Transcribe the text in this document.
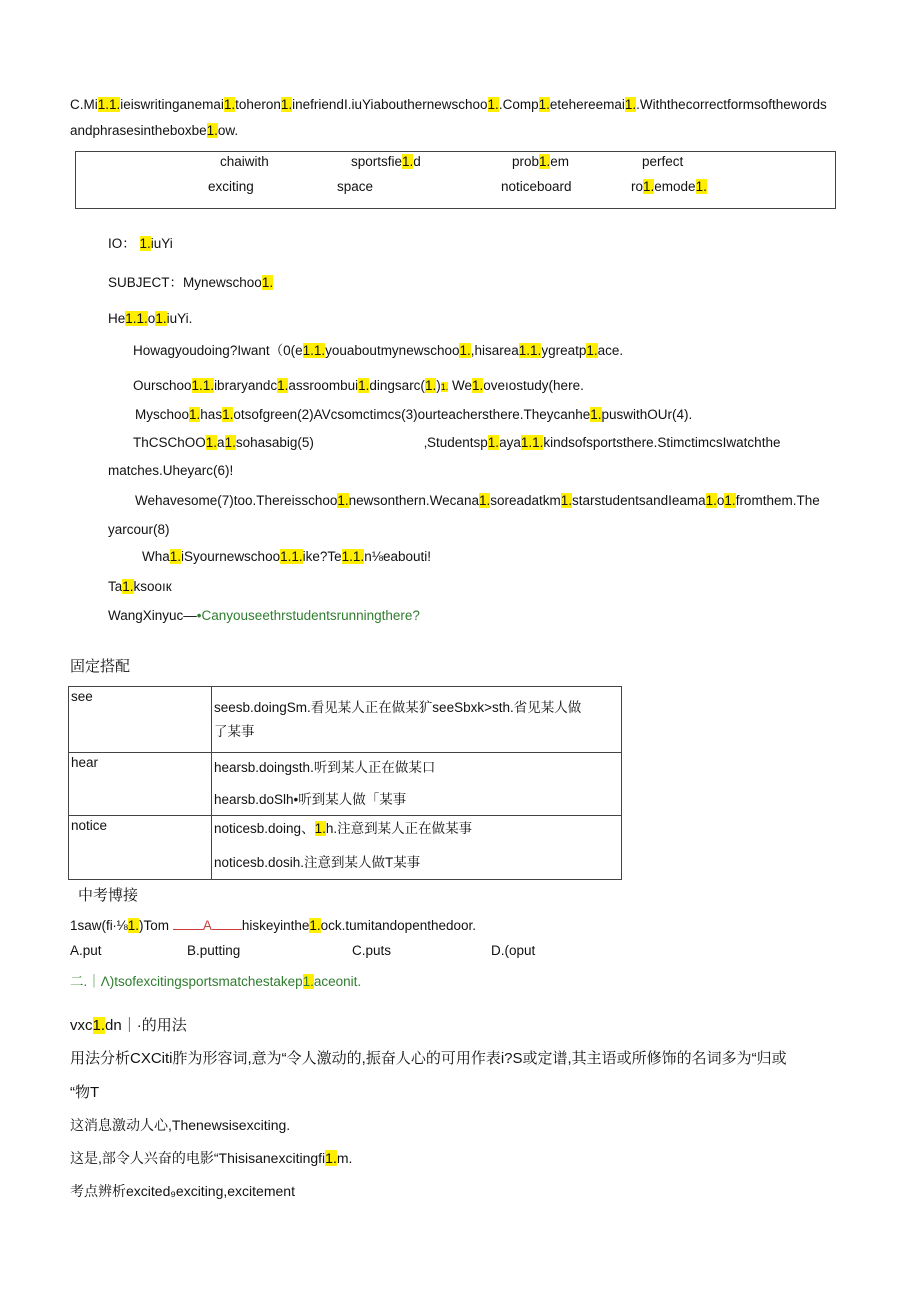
C.Mi1.1.ieiswritinganemai1.toheron1.inefriendI.iuYiabouthernewschoo1..Comp1.etehereemai1..Withthecorrectformsofthewords
andphrasesintheboxbe1.ow.
chaiwith	sportsfie1.d	prob1.em	perfect
exciting	space	noticeboard	ro1.emode1.
IO： 1.iuYi
SUBJECT：Mynewschoo1.
He1.1.o1.iuYi.
Howagyoudoing?Iwant（0(e1.1.youaboutmynewschoo1.,hisarea1.1.ygreatp1.ace.
Ourschoo1.1.ibraryandc1.assroombui1.dingsarc(1.)1. We1.oveıostudy(here.
Myschoo1.has1.otsofgreen(2)AVcsomctimcs(3)ourteachersthere.Theycanhe1.puswithOUr(4).
ThCSChOO1.a1.sohasabig(5)	‚Studentsp1.aya1.1.kindsofsportsthere.StimctimcsIwatchthe
matches.Uheyarc(6)!
Wehavesome(7)too.Thereisschoo1.newsonthern.Wecana1.soreadatkm1.starstudentsandIeama1.o1.fromthem.The
yarcour(8)
Wha1.iSyournewschoo1.1.ike?Te1.1.n⅛eabouti!
Ta1.ksooıк
WangXinyuc—•Canyouseethrstudentsrunningthere?
固定搭配
see	seesb.doingSm.看见某人正在做某犷seeSbxk>sth.省见某人做
了某事

hear	hearsb.doingsth.听到某人正在做某口
hearsb.doSlh•听到某人做「某事

notice	noticesb.doing、1.h.注意到某人正在做某事
noticesb.dosih.注意到某人做T某事
中考博接
1saw(fi∙⅛1.)Tom	A hiskeyinthe1.ock.tumitandopenthedoor.
A.put	B.putting	C.puts	D.(oput
二.｜Λ)tsofexcitingsportsmatchestakep1.aceonit.
vxc1.dn｜·的用法
用法分析CXCiti胙为形容词,意为“令人激动的,振奋人心的可用作表i?S或定谱,其主语或所修饰的名词多为“归或
“物T
这消息激动人心,Thenewsisexciting.
这是,部令人兴奋的电影“Thisisanexcitingfi1.m.
考点辨析excited₉exciting,excitement
